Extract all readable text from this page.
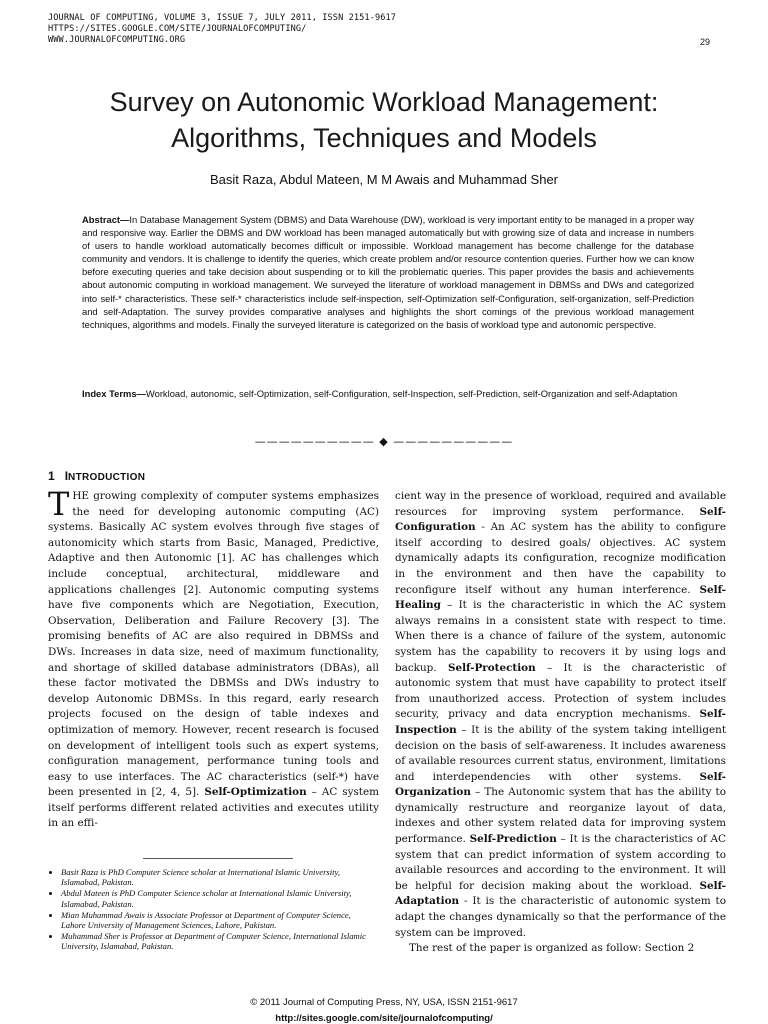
JOURNAL OF COMPUTING, VOLUME 3, ISSUE 7, JULY 2011, ISSN 2151-9617
HTTPS://SITES.GOOGLE.COM/SITE/JOURNALOFCOMPUTING/
WWW.JOURNALOFCOMPUTING.ORG	29
Survey on Autonomic Workload Management:
Algorithms, Techniques and Models
Basit Raza, Abdul Mateen, M M Awais and Muhammad Sher
Abstract—In Database Management System (DBMS) and Data Warehouse (DW), workload is very important entity to be managed in a proper way and responsive way. Earlier the DBMS and DW workload has been managed automatically but with growing size of data and increase in numbers of users to handle workload automatically becomes difficult or impossible. Workload management has become challenge for the database community and vendors. It is challenge to identify the queries, which create problem and/or resource contention queries. Further how we can know before executing queries and take decision about suspending or to kill the problematic queries. This paper provides the basis and achievements about autonomic computing in workload management. We surveyed the literature of workload management in DBMSs and DWs and categorized into self-* characteristics. These self-* characteristics include self-inspection, self-Optimization self-Configuration, self-organization, self-Prediction and self-Adaptation. The survey provides comparative analyses and highlights the short comings of the previous workload management techniques, algorithms and models. Finally the surveyed literature is categorized on the basis of workload type and autonomic perspective.
Index Terms—Workload, autonomic, self-Optimization, self-Configuration, self-Inspection, self-Prediction, self-Organization and self-Adaptation
—————————— ◆ ——————————
1 INTRODUCTION

THE growing complexity of computer systems emphasizes the need for developing autonomic computing (AC) systems. Basically AC system evolves through five stages of autonomicity which starts from Basic, Managed, Predictive, Adaptive and then Autonomic [1]. AC has challenges which include conceptual, architectural, middleware and applications challenges [2]. Autonomic computing systems have five components which are Negotiation, Execution, Observation, Deliberation and Failure Recovery [3]. The promising benefits of AC are also required in DBMSs and DWs. Increases in data size, need of maximum functionality, and shortage of skilled database administrators (DBAs), all these factor motivated the DBMSs and DWs industry to develop Autonomic DBMSs. In this regard, early research projects focused on the design of table indexes and optimization of memory. However, recent research is focused on development of intelligent tools such as expert systems, configuration management, performance tuning tools and easy to use interfaces. The AC characteristics (self-*) have been presented in [2, 4, 5]. Self-Optimization – AC system itself performs different related activities and executes utility in an effi-

cient way in the presence of workload, required and available resources for improving system performance. Self-Configuration - An AC system has the ability to configure itself according to desired goals/ objectives. AC system dynamically adapts its configuration, recognize modification in the environment and then have the capability to reconfigure itself without any human interference. Self-Healing – It is the characteristic in which the AC system always remains in a consistent state with respect to time. When there is a chance of failure of the system, autonomic system has the capability to recovers it by using logs and backup. Self-Protection – It is the characteristic of autonomic system that must have capability to protect itself from unauthorized access. Protection of system includes security, privacy and data encryption mechanisms. Self-Inspection – It is the ability of the system taking intelligent decision on the basis of self-awareness. It includes awareness of available resources current status, environment, limitations and interdependencies with other systems. Self-Organization – The Autonomic system that has the ability to dynamically restructure and reorganize layout of data, indexes and other system related data for improving system performance. Self-Prediction – It is the characteristics of AC system that can predict information of system according to available resources and according to the environment. It will be helpful for decision making about the workload. Self-Adaptation - It is the characteristic of autonomic system to adapt the changes dynamically so that the performance of the system can be improved.

The rest of the paper is organized as follow: Section 2

• Basit Raza is PhD Computer Science scholar at International Islamic University, Islamabad, Pakistan.
• Abdul Mateen is PhD Computer Science scholar at International Islamic University, Islamabad, Pakistan.
• Mian Muhammad Awais is Associate Professor at Department of Computer Science, Lahore University of Management Sciences, Lahore, Pakistan.
• Muhammad Sher is Professor at Department of Computer Science, International Islamic University, Islamabad, Pakistan.
© 2011 Journal of Computing Press, NY, USA, ISSN 2151-9617
http://sites.google.com/site/journalofcomputing/
